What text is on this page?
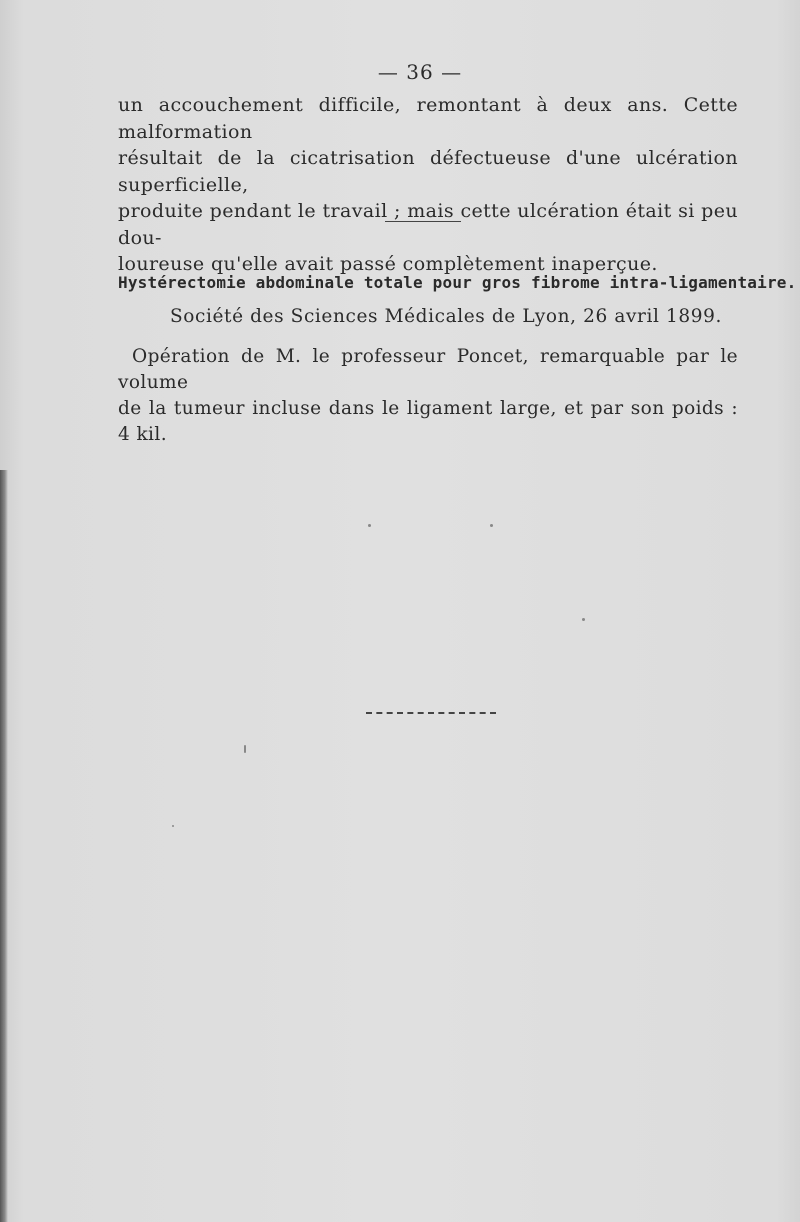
— 36 —
un accouchement difficile, remontant à deux ans. Cette malformation
résultait de la cicatrisation défectueuse d'une ulcération superficielle,
produite pendant le travail ; mais cette ulcération était si peu dou-
loureuse qu'elle avait passé complètement inaperçue.
Hystérectomie abdominale totale pour gros fibrome intra-ligamentaire.
Société des Sciences Médicales de Lyon, 26 avril 1899.
Opération de M. le professeur Poncet, remarquable par le volume
de la tumeur incluse dans le ligament large, et par son poids : 4 kil.
